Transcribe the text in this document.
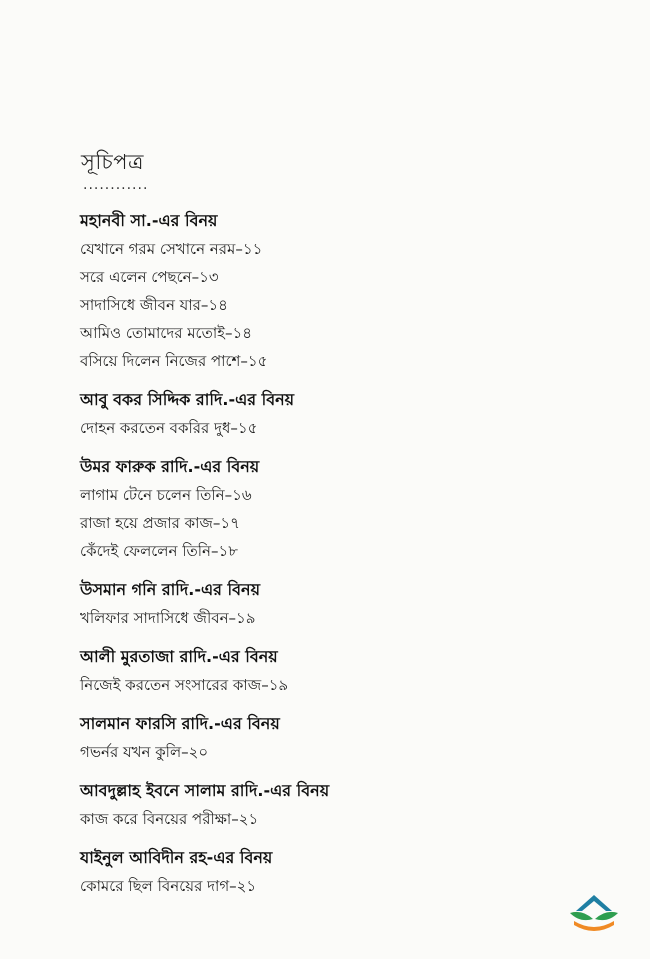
সূচিপত্র
............
মহানবী সা.-এর বিনয়
যেখানে গরম সেখানে নরম–১১
সরে এলেন পেছনে–১৩
সাদাসিধে জীবন যার–১৪
আমিও তোমাদের মতোই–১৪
বসিয়ে দিলেন নিজের পাশে–১৫
আবু বকর সিদ্দিক রাদি.-এর বিনয়
দোহন করতেন বকরির দুধ–১৫
উমর ফারুক রাদি.-এর বিনয়
লাগাম টেনে চলেন তিনি–১৬
রাজা হয়ে প্রজার কাজ–১৭
কেঁদেই ফেললেন তিনি–১৮
উসমান গনি রাদি.-এর বিনয়
খলিফার সাদাসিধে জীবন–১৯
আলী মুরতাজা রাদি.-এর বিনয়
নিজেই করতেন সংসারের কাজ–১৯
সালমান ফারসি রাদি.-এর বিনয়
গভর্নর যখন কুলি–২০
আবদুল্লাহ ইবনে সালাম রাদি.-এর বিনয়
কাজ করে বিনয়ের পরীক্ষা–২১
যাইনুল আবিদীন রহ-এর বিনয়
কোমরে ছিল বিনয়ের দাগ–২১
